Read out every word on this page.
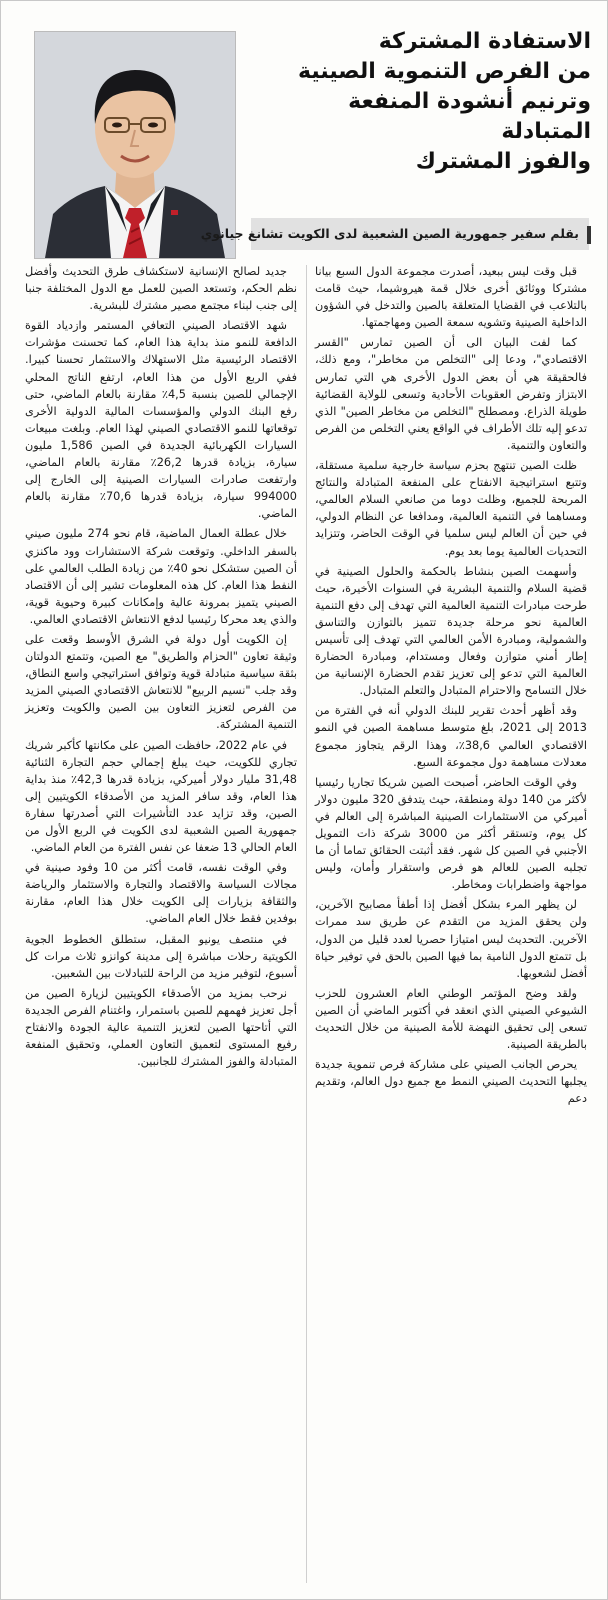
الاستفادة المشتركة
من الفرص التنموية الصينية
وترنيم أنشودة المنفعة المتبادلة
والفوز المشترك
بقلم سفير جمهورية الصين الشعبية لدى الكويت تشانغ جيانوي

قبل وقت ليس ببعيد، أصدرت مجموعة الدول السبع بيانا مشتركا ووثائق أخرى خلال قمة هيروشيما، حيث قامت بالتلاعب في القضايا المتعلقة بالصين والتدخل في الشؤون الداخلية الصينية وتشويه سمعة الصين ومهاجمتها.

كما لفت البيان الى أن الصين تمارس "القسر الاقتصادي"، ودعا إلى "التخلص من مخاطر"، ومع ذلك، فالحقيقة هي أن بعض الدول الأخرى هي التي تمارس الابتزاز وتفرض العقوبات الأحادية وتسعى للولاية القضائية طويلة الذراع. ومصطلح "التخلص من مخاطر الصين" الذي تدعو إليه تلك الأطراف في الواقع يعني التخلص من الفرص والتعاون والتنمية.

ظلت الصين تنتهج بحزم سياسة خارجية سلمية مستقلة، وتتبع استراتيجية الانفتاح على المنفعة المتبادلة والنتائج المربحة للجميع، وظلت دوما من صانعي السلام العالمي، ومساهما في التنمية العالمية، ومدافعا عن النظام الدولي، في حين أن العالم ليس سلميا في الوقت الحاضر، وتتزايد التحديات العالمية يوما بعد يوم.

وأسهمت الصين بنشاط بالحكمة والحلول الصينية في قضية السلام والتنمية البشرية في السنوات الأخيرة، حيث طرحت مبادرات التنمية العالمية التي تهدف إلى دفع التنمية العالمية نحو مرحلة جديدة تتميز بالتوازن والتناسق والشمولية، ومبادرة الأمن العالمي التي تهدف إلى تأسيس إطار أمني متوازن وفعال ومستدام، ومبادرة الحضارة العالمية التي تدعو إلى تعزيز تقدم الحضارة الإنسانية من خلال التسامح والاحترام المتبادل والتعلم المتبادل.

وقد أظهر أحدث تقرير للبنك الدولي أنه في الفترة من 2013 إلى 2021، بلغ متوسط مساهمة الصين في النمو الاقتصادي العالمي 38,6٪، وهذا الرقم يتجاوز مجموع معدلات مساهمة دول مجموعة السبع.

وفي الوقت الحاضر، أصبحت الصين شريكا تجاريا رئيسيا لأكثر من 140 دولة ومنطقة، حيث يتدفق 320 مليون دولار أميركي من الاستثمارات الصينية المباشرة إلى العالم في كل يوم، وتستقر أكثر من 3000 شركة ذات التمويل الأجنبي في الصين كل شهر. فقد أثبتت الحقائق تماما أن ما تجلبه الصين للعالم هو فرص واستقرار وأمان، وليس مواجهة واضطرابات ومخاطر.

لن يظهر المرء بشكل أفضل إذا أطفأ مصابيح الآخرين، ولن يحقق المزيد من التقدم عن طريق سد ممرات الآخرين. التحديث ليس امتيازا حصريا لعدد قليل من الدول، بل تتمتع الدول النامية بما فيها الصين بالحق في توفير حياة أفضل لشعوبها.

ولقد وضح المؤتمر الوطني العام العشرون للحزب الشيوعي الصيني الذي انعقد في أكتوبر الماضي أن الصين تسعى إلى تحقيق النهضة للأمة الصينية من خلال التحديث بالطريقة الصينية.

يحرص الجانب الصيني على مشاركة فرص تنموية جديدة يجلبها التحديث الصيني النمط مع جميع دول العالم، وتقديم دعم

جديد لصالح الإنسانية لاستكشاف طرق التحديث وأفضل نظم الحكم، وتستعد الصين للعمل مع الدول المختلفة جنبا إلى جنب لبناء مجتمع مصير مشترك للبشرية.

شهد الاقتصاد الصيني التعافي المستمر وازدياد القوة الدافعة للنمو منذ بداية هذا العام، كما تحسنت مؤشرات الاقتصاد الرئيسية مثل الاستهلاك والاستثمار تحسنا كبيرا. ففي الربع الأول من هذا العام، ارتفع الناتج المحلي الإجمالي للصين بنسبة 4,5٪ مقارنة بالعام الماضي، حتى رفع البنك الدولي والمؤسسات المالية الدولية الأخرى توقعاتها للنمو الاقتصادي الصيني لهذا العام. وبلغت مبيعات السيارات الكهربائية الجديدة في الصين 1,586 مليون سيارة، بزيادة قدرها 26,2٪ مقارنة بالعام الماضي، وارتفعت صادرات السيارات الصينية إلى الخارج إلى 994000 سيارة، بزيادة قدرها 70,6٪ مقارنة بالعام الماضي.

خلال عطلة العمال الماضية، قام نحو 274 مليون صيني بالسفر الداخلي. وتوقعت شركة الاستشارات وود ماكنزي أن الصين ستشكل نحو 40٪ من زيادة الطلب العالمي على النفط هذا العام. كل هذه المعلومات تشير إلى أن الاقتصاد الصيني يتميز بمرونة عالية وإمكانات كبيرة وحيوية قوية، والذي يعد محركا رئيسيا لدفع الانتعاش الاقتصادي العالمي.

إن الكويت أول دولة في الشرق الأوسط وقعت على وثيقة تعاون "الحزام والطريق" مع الصين، وتتمتع الدولتان بثقة سياسية متبادلة قوية وتوافق استراتيجي واسع النطاق، وقد جلب "نسيم الربيع" للانتعاش الاقتصادي الصيني المزيد من الفرص لتعزيز التعاون بين الصين والكويت وتعزيز التنمية المشتركة.

في عام 2022، حافظت الصين على مكانتها كأكبر شريك تجاري للكويت، حيث يبلغ إجمالي حجم التجارة الثنائية 31,48 مليار دولار أميركي، بزيادة قدرها 42,3٪ منذ بداية هذا العام، وقد سافر المزيد من الأصدقاء الكويتيين إلى الصين، وقد تزايد عدد التأشيرات التي أصدرتها سفارة جمهورية الصين الشعبية لدى الكويت في الربع الأول من العام الحالي 13 ضعفا عن نفس الفترة من العام الماضي.

وفي الوقت نفسه، قامت أكثر من 10 وفود صينية في مجالات السياسة والاقتصاد والتجارة والاستثمار والرياضة والثقافة بزيارات إلى الكويت خلال هذا العام، مقارنة بوفدين فقط خلال العام الماضي.

في منتصف يونيو المقبل، ستطلق الخطوط الجوية الكويتية رحلات مباشرة إلى مدينة كوانزو ثلاث مرات كل أسبوع، لتوفير مزيد من الراحة للتبادلات بين الشعبين.

نرحب بمزيد من الأصدقاء الكويتيين لزيارة الصين من أجل تعزيز فهمهم للصين باستمرار، واغتنام الفرص الجديدة التي أتاحتها الصين لتعزيز التنمية عالية الجودة والانفتاح رفيع المستوى لتعميق التعاون العملي، وتحقيق المنفعة المتبادلة والفوز المشترك للجانبين.
